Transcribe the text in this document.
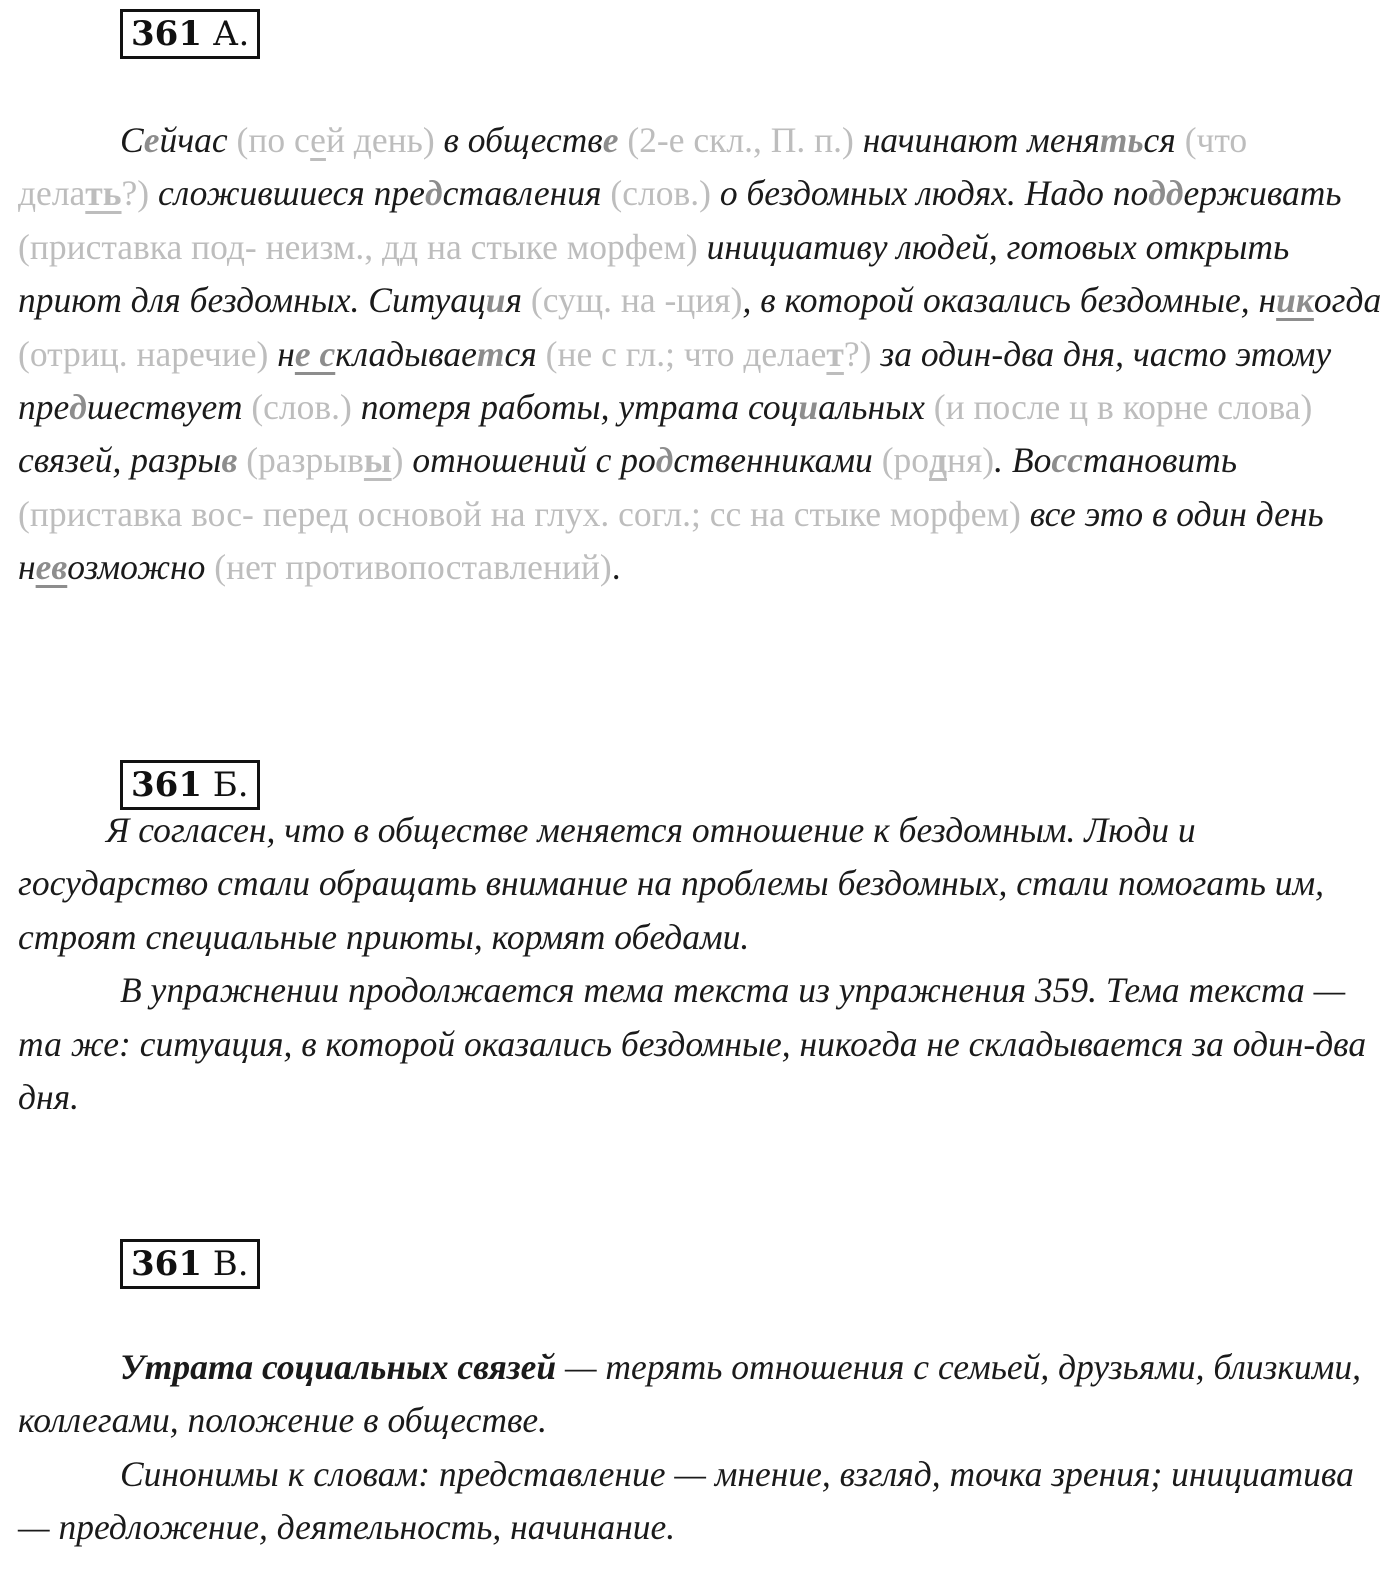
361 А.

Сейчас (по сей день) в обществе (2-е скл., П. п.) начинают меняться (что делать?) сложившиеся представления (слов.) о бездомных людях. Надо поддерживать (приставка под- неизм., дд на стыке морфем) инициативу людей, готовых открыть приют для бездомных. Ситуация (сущ. на -ция), в которой оказались бездомные, никогда (отриц. наречие) не складывается (не с гл.; что делает?) за один-два дня, часто этому предшествует (слов.) потеря работы, утрата социальных (и после ц в корне слова) связей, разрыв (разрывы) отношений с родственниками (родня). Восстановить (приставка вос- перед основой на глух. согл.; сс на стыке морфем) все это в один день невозможно (нет противопоставлений).

361 Б.

Я согласен, что в обществе меняется отношение к бездомным. Люди и государство стали обращать внимание на проблемы бездомных, стали помогать им, строят специальные приюты, кормят обедами.

В упражнении продолжается тема текста из упражнения 359. Тема текста — та же: ситуация, в которой оказались бездомные, никогда не складывается за один-два дня.

361 В.

Утрата социальных связей — терять отношения с семьей, друзьями, близкими, коллегами, положение в обществе.

Синонимы к словам: представление — мнение, взгляд, точка зрения; инициатива — предложение, деятельность, начинание.
